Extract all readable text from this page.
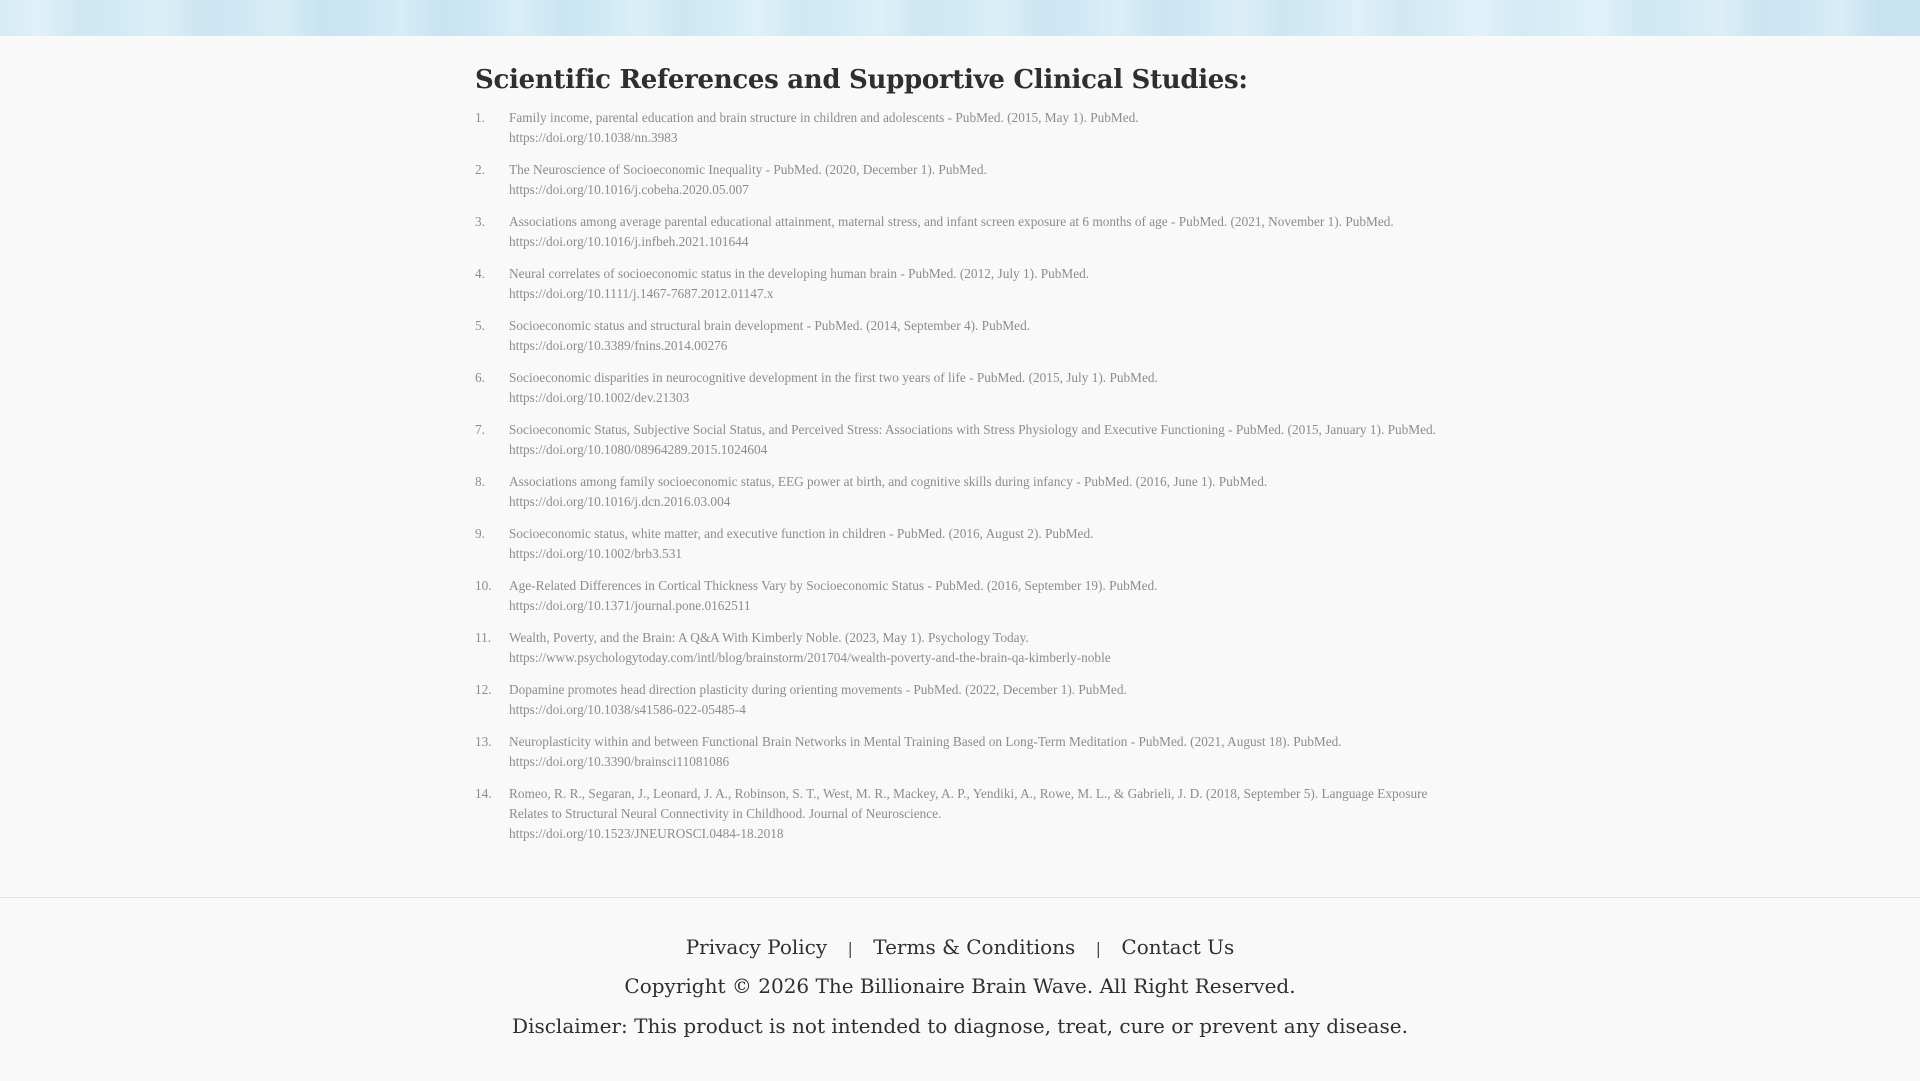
Scientific References and Supportive Clinical Studies:
1. Family income, parental education and brain structure in children and adolescents - PubMed. (2015, May 1). PubMed.
https://doi.org/10.1038/nn.3983
2. The Neuroscience of Socioeconomic Inequality - PubMed. (2020, December 1). PubMed.
https://doi.org/10.1016/j.cobeha.2020.05.007
3. Associations among average parental educational attainment, maternal stress, and infant screen exposure at 6 months of age - PubMed. (2021, November 1). PubMed.
https://doi.org/10.1016/j.infbeh.2021.101644
4. Neural correlates of socioeconomic status in the developing human brain - PubMed. (2012, July 1). PubMed.
https://doi.org/10.1111/j.1467-7687.2012.01147.x
5. Socioeconomic status and structural brain development - PubMed. (2014, September 4). PubMed.
https://doi.org/10.3389/fnins.2014.00276
6. Socioeconomic disparities in neurocognitive development in the first two years of life - PubMed. (2015, July 1). PubMed.
https://doi.org/10.1002/dev.21303
7. Socioeconomic Status, Subjective Social Status, and Perceived Stress: Associations with Stress Physiology and Executive Functioning - PubMed. (2015, January 1). PubMed.
https://doi.org/10.1080/08964289.2015.1024604
8. Associations among family socioeconomic status, EEG power at birth, and cognitive skills during infancy - PubMed. (2016, June 1). PubMed.
https://doi.org/10.1016/j.dcn.2016.03.004
9. Socioeconomic status, white matter, and executive function in children - PubMed. (2016, August 2). PubMed.
https://doi.org/10.1002/brb3.531
10. Age-Related Differences in Cortical Thickness Vary by Socioeconomic Status - PubMed. (2016, September 19). PubMed.
https://doi.org/10.1371/journal.pone.0162511
11. Wealth, Poverty, and the Brain: A Q&A With Kimberly Noble. (2023, May 1). Psychology Today.
https://www.psychologytoday.com/intl/blog/brainstorm/201704/wealth-poverty-and-the-brain-qa-kimberly-noble
12. Dopamine promotes head direction plasticity during orienting movements - PubMed. (2022, December 1). PubMed.
https://doi.org/10.1038/s41586-022-05485-4
13. Neuroplasticity within and between Functional Brain Networks in Mental Training Based on Long-Term Meditation - PubMed. (2021, August 18). PubMed.
https://doi.org/10.3390/brainsci11081086
14. Romeo, R. R., Segaran, J., Leonard, J. A., Robinson, S. T., West, M. R., Mackey, A. P., Yendiki, A., Rowe, M. L., & Gabrieli, J. D. (2018, September 5). Language Exposure Relates to Structural Neural Connectivity in Childhood. Journal of Neuroscience.
https://doi.org/10.1523/JNEUROSCI.0484-18.2018
Privacy Policy | Terms & Conditions | Contact Us
Copyright © 2026 The Billionaire Brain Wave. All Right Reserved.
Disclaimer: This product is not intended to diagnose, treat, cure or prevent any disease.
